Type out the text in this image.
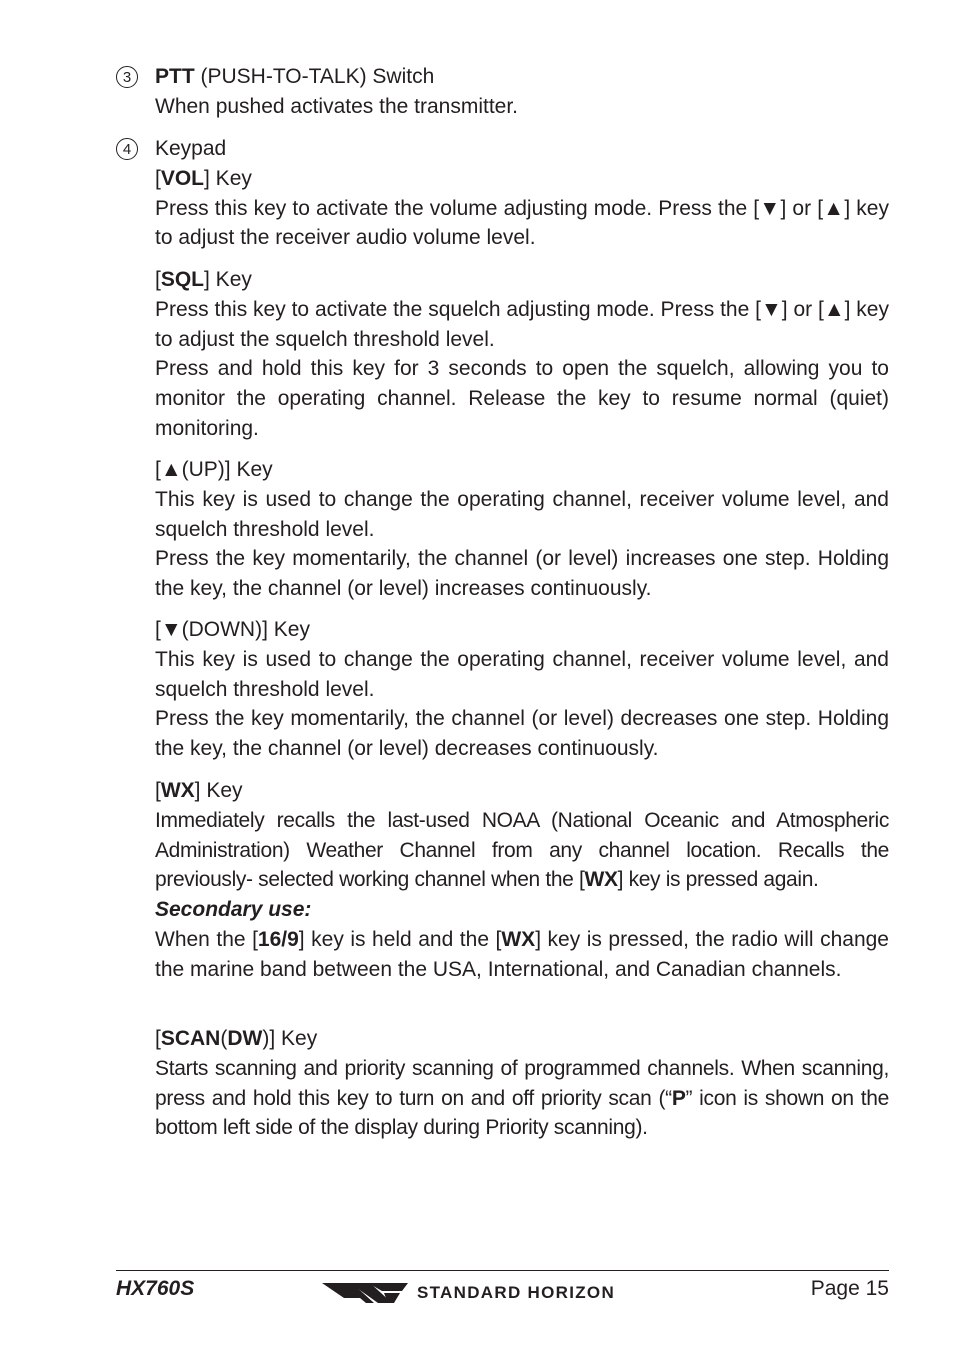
3	PTT (PUSH-TO-TALK) Switch

When pushed activates the transmitter.

4	Keypad

[VOL] Key

Press this key to activate the volume adjusting mode. Press the [▼] or [▲] key to adjust the receiver audio volume level.

[SQL] Key

Press this key to activate the squelch adjusting mode. Press the [▼] or [▲] key to adjust the squelch threshold level.

Press and hold this key for 3 seconds to open the squelch, allowing you to monitor the operating channel. Release the key to resume normal (quiet) monitoring.

[▲(UP)] Key

This key is used to change the operating channel, receiver volume level, and squelch threshold level.

Press the key momentarily, the channel (or level) increases one step. Holding the key, the channel (or level) increases continuously.

[▼(DOWN)] Key

This key is used to change the operating channel, receiver volume level, and squelch threshold level.

Press the key momentarily, the channel (or level) decreases one step. Holding the key, the channel (or level) decreases continuously.

[WX] Key

Immediately recalls the last-used NOAA (National Oceanic and Atmospheric Administration) Weather Channel from any channel location. Recalls the previously- selected working channel when the [WX] key is pressed again.

Secondary use:

When the [16/9] key is held and the [WX] key is pressed, the radio will change the marine band between the USA, International, and Canadian channels.

[SCAN(DW)] Key

Starts scanning and priority scanning of programmed channels. When scanning, press and hold this key to turn on and off priority scan (“P” icon is shown on the bottom left side of the display during Priority scanning).

HX760S	STANDARD HORIZON	Page 15
